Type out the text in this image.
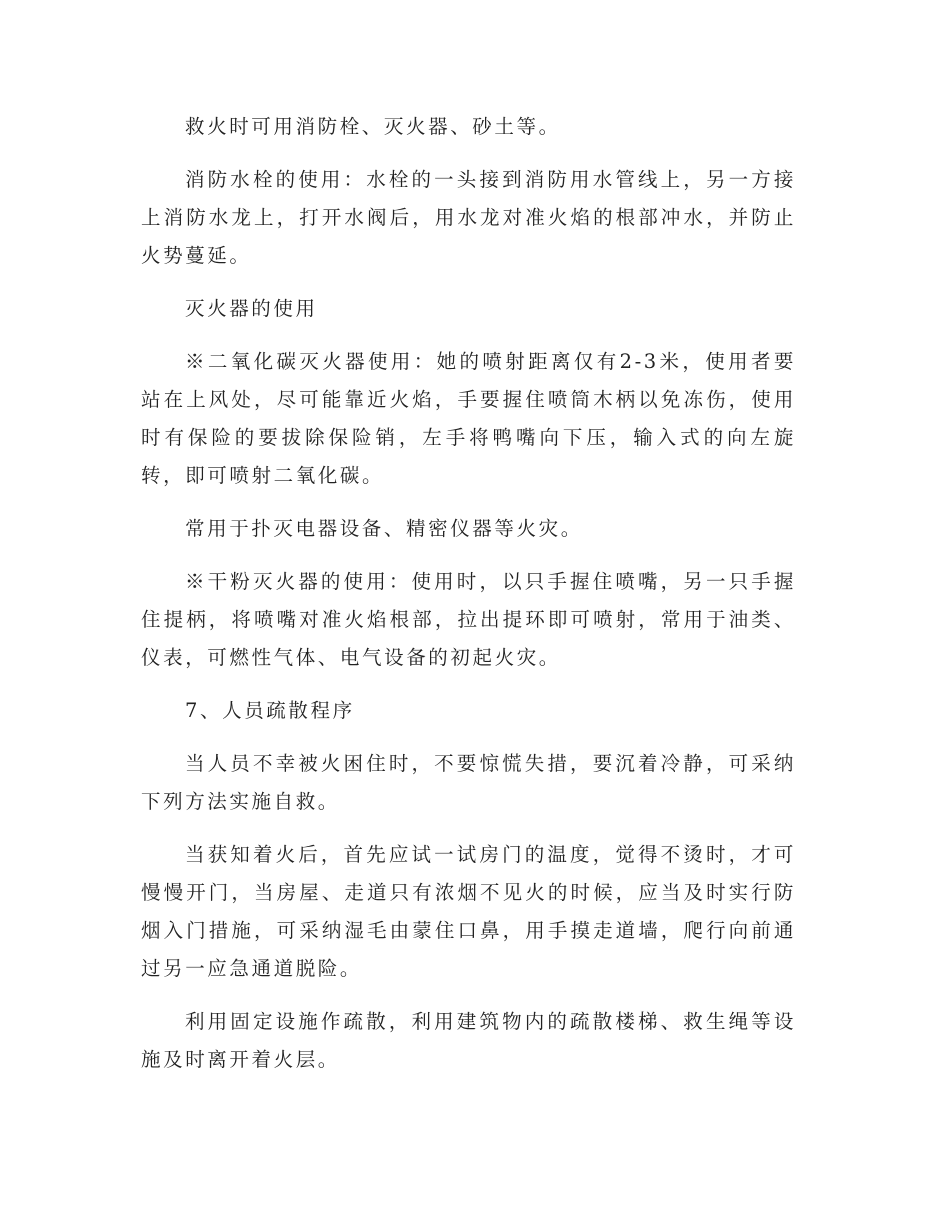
救火时可用消防栓、灭火器、砂土等。

消防水栓的使用：水栓的一头接到消防用水管线上，另一方接上消防水龙上，打开水阀后，用水龙对准火焰的根部冲水，并防止火势蔓延。

灭火器的使用

※二氧化碳灭火器使用：她的喷射距离仅有2-3米，使用者要站在上风处，尽可能靠近火焰，手要握住喷筒木柄以免冻伤，使用时有保险的要拔除保险销，左手将鸭嘴向下压，输入式的向左旋转，即可喷射二氧化碳。

常用于扑灭电器设备、精密仪器等火灾。

※干粉灭火器的使用：使用时，以只手握住喷嘴，另一只手握住提柄，将喷嘴对准火焰根部，拉出提环即可喷射，常用于油类、仪表，可燃性气体、电气设备的初起火灾。

7、人员疏散程序

当人员不幸被火困住时，不要惊慌失措，要沉着冷静，可采纳下列方法实施自救。

当获知着火后，首先应试一试房门的温度，觉得不烫时，才可慢慢开门，当房屋、走道只有浓烟不见火的时候，应当及时实行防烟入门措施，可采纳湿毛由蒙住口鼻，用手摸走道墙，爬行向前通过另一应急通道脱险。

利用固定设施作疏散，利用建筑物内的疏散楼梯、救生绳等设施及时离开着火层。
